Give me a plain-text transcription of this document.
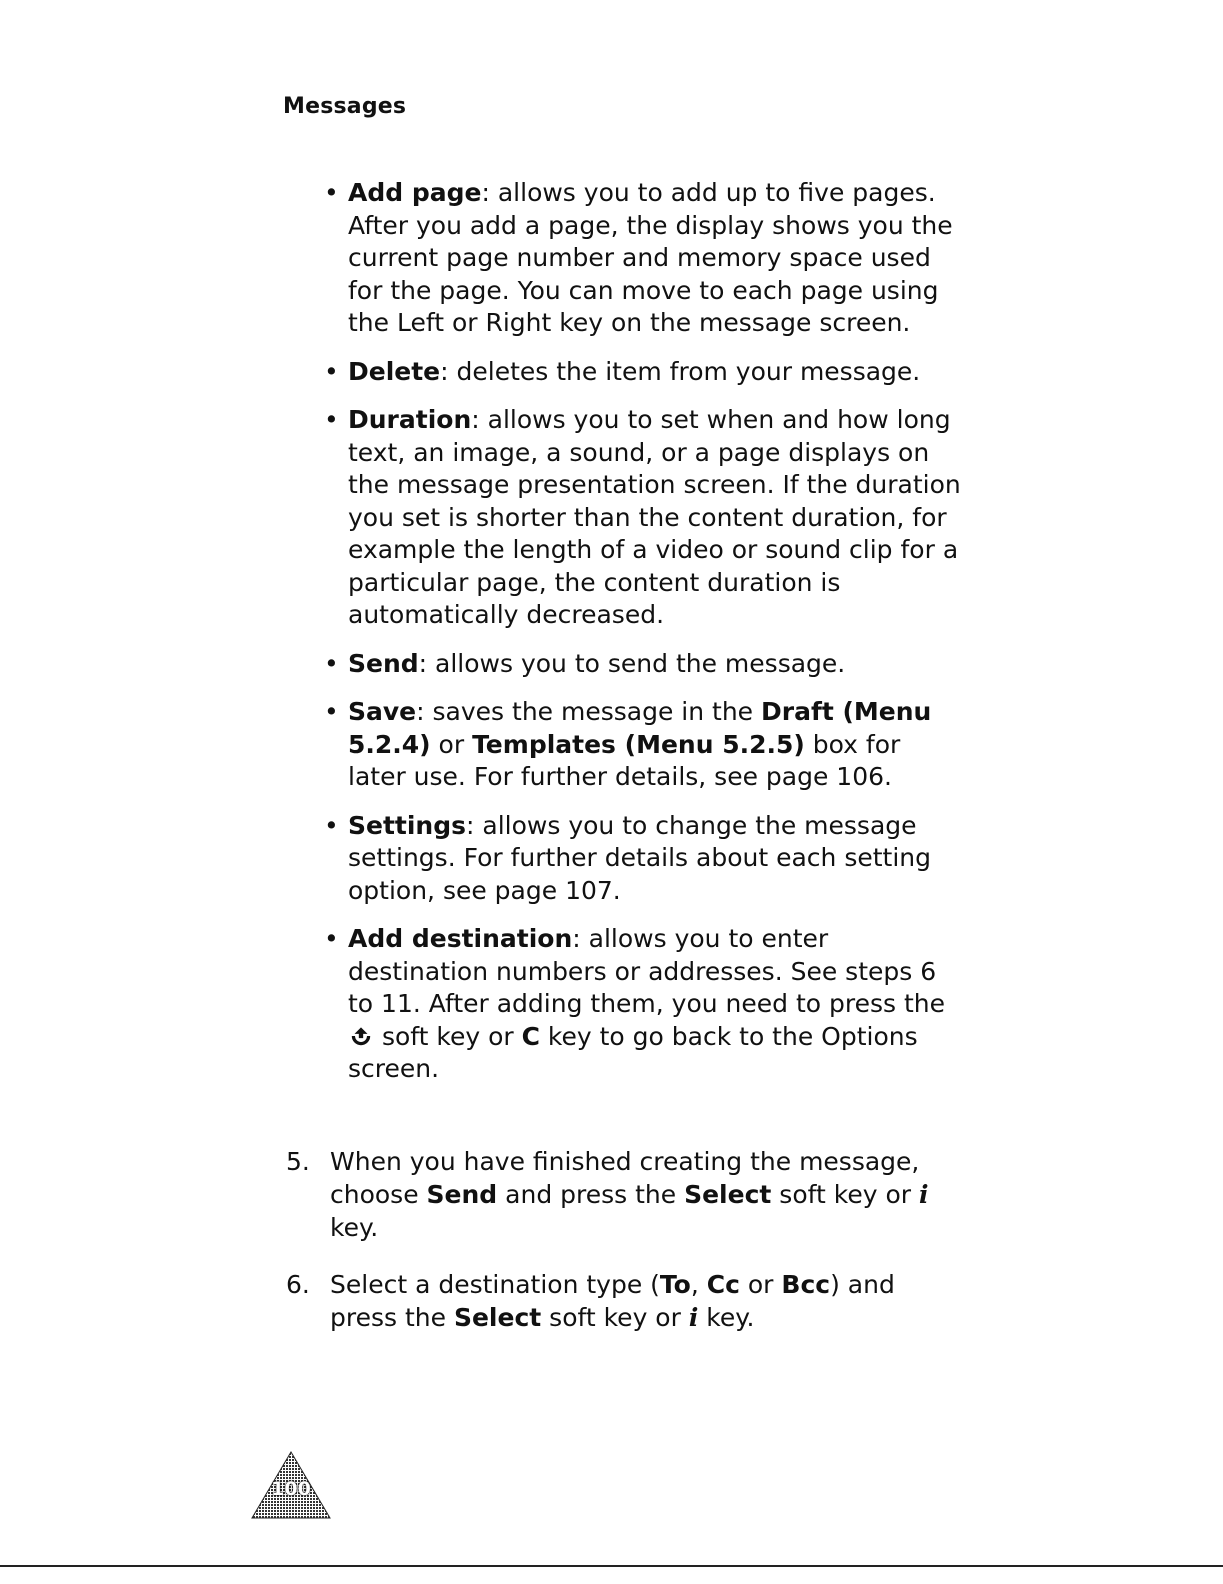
Messages
• Add page: allows you to add up to five pages. After you add a page, the display shows you the current page number and memory space used for the page. You can move to each page using the Left or Right key on the message screen.
• Delete: deletes the item from your message.
• Duration: allows you to set when and how long text, an image, a sound, or a page displays on the message presentation screen. If the duration you set is shorter than the content duration, for example the length of a video or sound clip for a particular page, the content duration is automatically decreased.
• Send: allows you to send the message.
• Save: saves the message in the Draft (Menu 5.2.4) or Templates (Menu 5.2.5) box for later use. For further details, see page 106.
• Settings: allows you to change the message settings. For further details about each setting option, see page 107.
• Add destination: allows you to enter destination numbers or addresses. See steps 6 to 11. After adding them, you need to press the  soft key or C key to go back to the Options screen.
5. When you have finished creating the message, choose Send and press the Select soft key or i key.
6. Select a destination type (To, Cc or Bcc) and press the Select soft key or i key.
100
